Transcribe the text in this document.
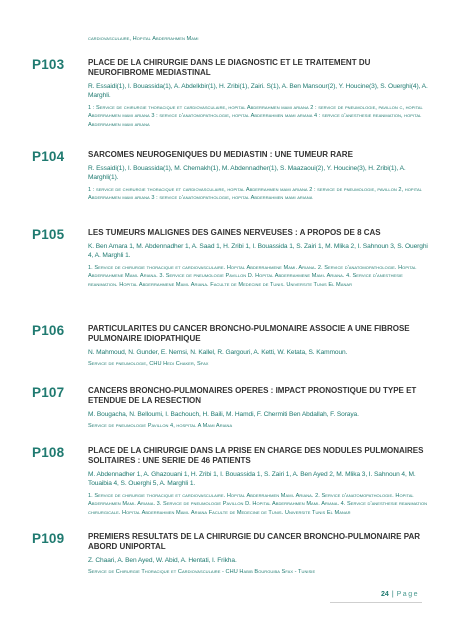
cardiovasculaire, Hopital Abderrahmen Mami
P103	PLACE DE LA CHIRURGIE DANS LE DIAGNOSTIC ET LE TRAITEMENT DU NEUROFIBROME MEDIASTINAL
R. Essaidi(1), I. Bouassida(1), A. Abdelkbir(1), H. Zribi(1), Zairi. S(1), A. Ben Mansour(2), Y. Houcine(3), S. Ouerghi(4), A. Marghli.
1 : Service de chirurgie thoracique et cardiovasculaire, hopital Abderrahmen mami ariana 2 : service de pneumologie, pavillon c, hopital Abderrahmen mami ariana 3 : service d'anatomopathologie, hopital Abderrahmen mami ariana 4 : service d'anesthesie reanimation, hopital Abderrahmen mami ariana
P104	SARCOMES NEUROGENIQUES DU MEDIASTIN : UNE TUMEUR RARE
R. Essaidi(1), I. Bouassida(1), M. Chemakh(1), M. Abdennadher(1), S. Maazaoui(2), Y. Houcine(3), H. Zribi(1), A. Marghli(1).
1 : service de chirurgie thoracique et cardiovasculaire, hopital Abderrahmen mami ariana 2 : service de pneumologie, pavillon 2, hopital Abderrahmen mami ariana 3 : service d'anatomopathologie, hopital Abderrahmen mami ariana
P105	LES TUMEURS MALIGNES DES GAINES NERVEUSES : A PROPOS DE 8 CAS
K. Ben Amara 1, M. Abdennadher 1, A. Saad 1, H. Zribi 1, I. Bouassida 1, S. Zairi 1, M. Mlika 2, I. Sahnoun 3, S. Ouerghi 4, A. Marghli 1.
1. Service de chirurgie thoracique et cardiovasculaire. Hopital Abderrahmene Mami. Ariana. 2. Service d'anatomopathologie. Hopital Abderrahmene Mami. Ariana. 3. Service de pneumologie Pavillon D. Hopital Abderrahmene Mami. Ariana. 4. Service d'anesthesie reanimation. Hopital Abderrahmene Mami. Ariana. Faculte de Medecine de Tunis. Universite Tunis El Manar
P106	PARTICULARITES DU CANCER BRONCHO-PULMONAIRE ASSOCIE A UNE FIBROSE PULMONAIRE IDIOPATHIQUE
N. Mahmoud, N. Gunder, E. Nemsi, N. Kallel, R. Gargouri, A. Ketti, W. Ketata, S. Kammoun.
Service de pneumologie, CHU Hedi Chaker, Sfax
P107	CANCERS BRONCHO-PULMONAIRES OPERES : IMPACT PRONOSTIQUE DU TYPE ET ETENDUE DE LA RESECTION
M. Bougacha, N. Belloumi, I. Bachouch, H. Baili, M. Hamdi, F. Chermiti Ben Abdallah, F. Soraya.
Service de pneumologie Pavillon 4, hospital A Mami Ariana
P108	PLACE DE LA CHIRURGIE DANS LA PRISE EN CHARGE DES NODULES PULMONAIRES SOLITAIRES : UNE SERIE DE 46 PATIENTS
M. Abdennadher 1, A. Ghazouani 1, H. Zribi 1, I. Bouassida 1, S. Zairi 1, A. Ben Ayed 2, M. Mlika 3, I. Sahnoun 4, M. Touaibia 4, S. Ouerghi 5, A. Marghli 1.
1. Service de chirurgie thoracique et cardiovasculaire. Hopital Abderrahmen Mami. Ariana. 2. Service d'anatomopathologie. Hopital Abderrahmen Mami. Ariana. 3. Service de pneumologie Pavillon D. Hopital Abderrahmen Mami. Ariana. 4. Service d'anesthesie reanimation chirurgicale. Hopital Abderrahmen Mami. Ariana Faculte de Medecine de Tunis. Universite Tunis El Manar
P109	PREMIERS RESULTATS DE LA CHIRURGIE DU CANCER BRONCHO-PULMONAIRE PAR ABORD UNIPORTAL
Z. Chaari, A. Ben Ayed, W. Abid, A. Hentati, I. Frikha.
Service de Chirurgie Thoracique et Cardiovasculaire - CHU Habib Bourguiba Sfax - Tunisie
24 | Page
